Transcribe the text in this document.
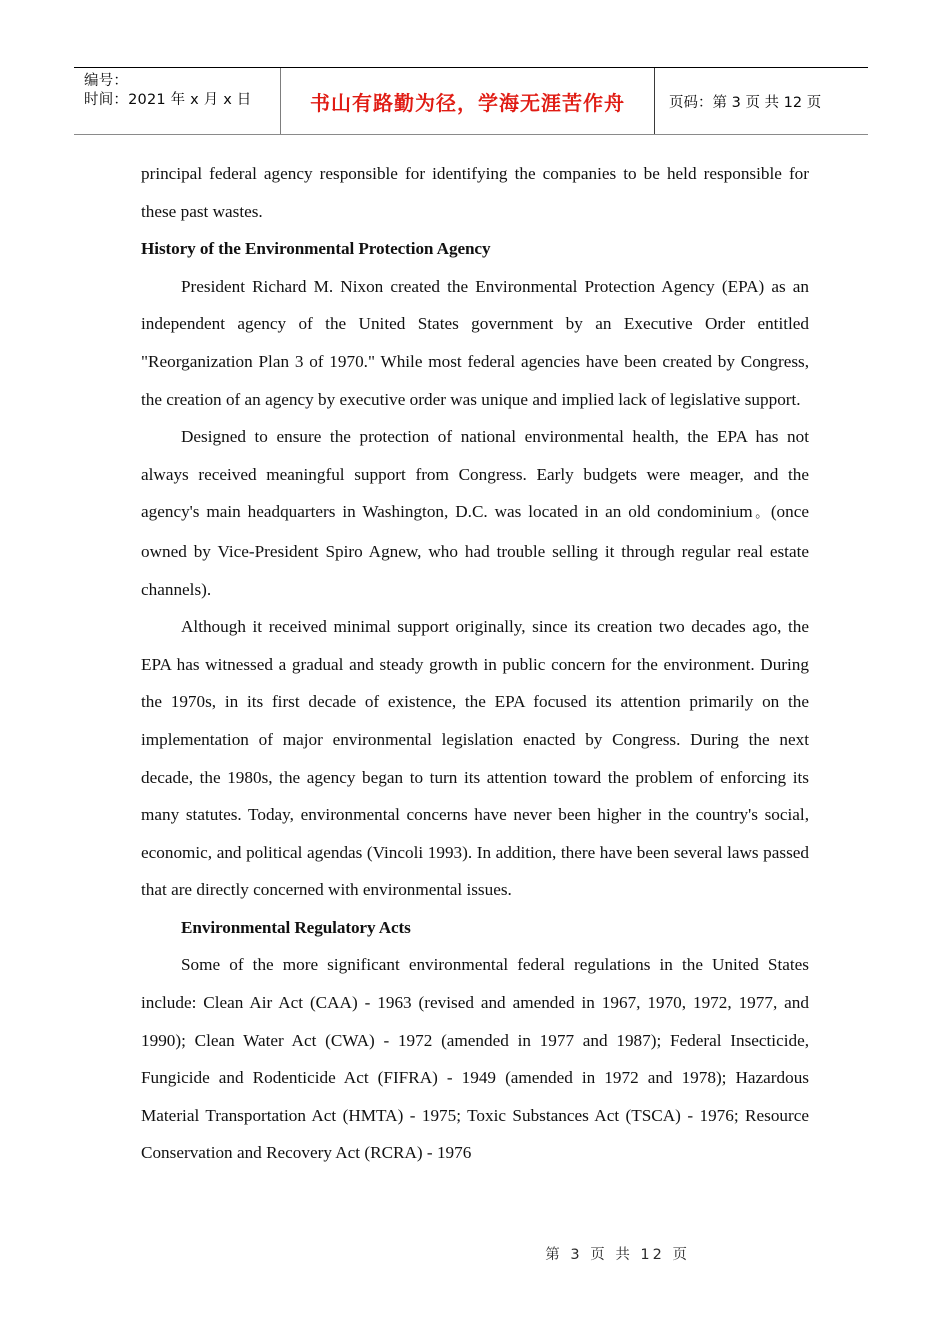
编号：
时间：2021 年 x 月 x 日	书山有路勤为径，学海无涯苦作舟	页码：第 3 页 共 12 页

principal federal agency responsible for identifying the companies to be held responsible for these past wastes.

History of the Environmental Protection Agency

President Richard M. Nixon created the Environmental Protection Agency (EPA) as an independent agency of the United States government by an Executive Order entitled "Reorganization Plan 3 of 1970." While most federal agencies have been created by Congress, the creation of an agency by executive order was unique and implied lack of legislative support.

Designed to ensure the protection of national environmental health, the EPA has not always received meaningful support from Congress. Early budgets were meager, and the agency's main headquarters in Washington, D.C. was located in an old condominium。(once owned by Vice-President Spiro Agnew, who had trouble selling it through regular real estate channels).

Although it received minimal support originally, since its creation two decades ago, the EPA has witnessed a gradual and steady growth in public concern for the environment. During the 1970s, in its first decade of existence, the EPA focused its attention primarily on the implementation of major environmental legislation enacted by Congress. During the next decade, the 1980s, the agency began to turn its attention toward the problem of enforcing its many statutes. Today, environmental concerns have never been higher in the country's social, economic, and political agendas (Vincoli 1993). In addition, there have been several laws passed that are directly concerned with environmental issues.

Environmental Regulatory Acts

Some of the more significant environmental federal regulations in the United States include: Clean Air Act (CAA) - 1963 (revised and amended in 1967, 1970, 1972, 1977, and 1990); Clean Water Act (CWA) - 1972 (amended in 1977 and 1987); Federal Insecticide, Fungicide and Rodenticide Act (FIFRA) - 1949 (amended in 1972 and 1978); Hazardous Material Transportation Act (HMTA) - 1975; Toxic Substances Act (TSCA) - 1976; Resource Conservation and Recovery Act (RCRA) - 1976

第 3 页 共 12 页
